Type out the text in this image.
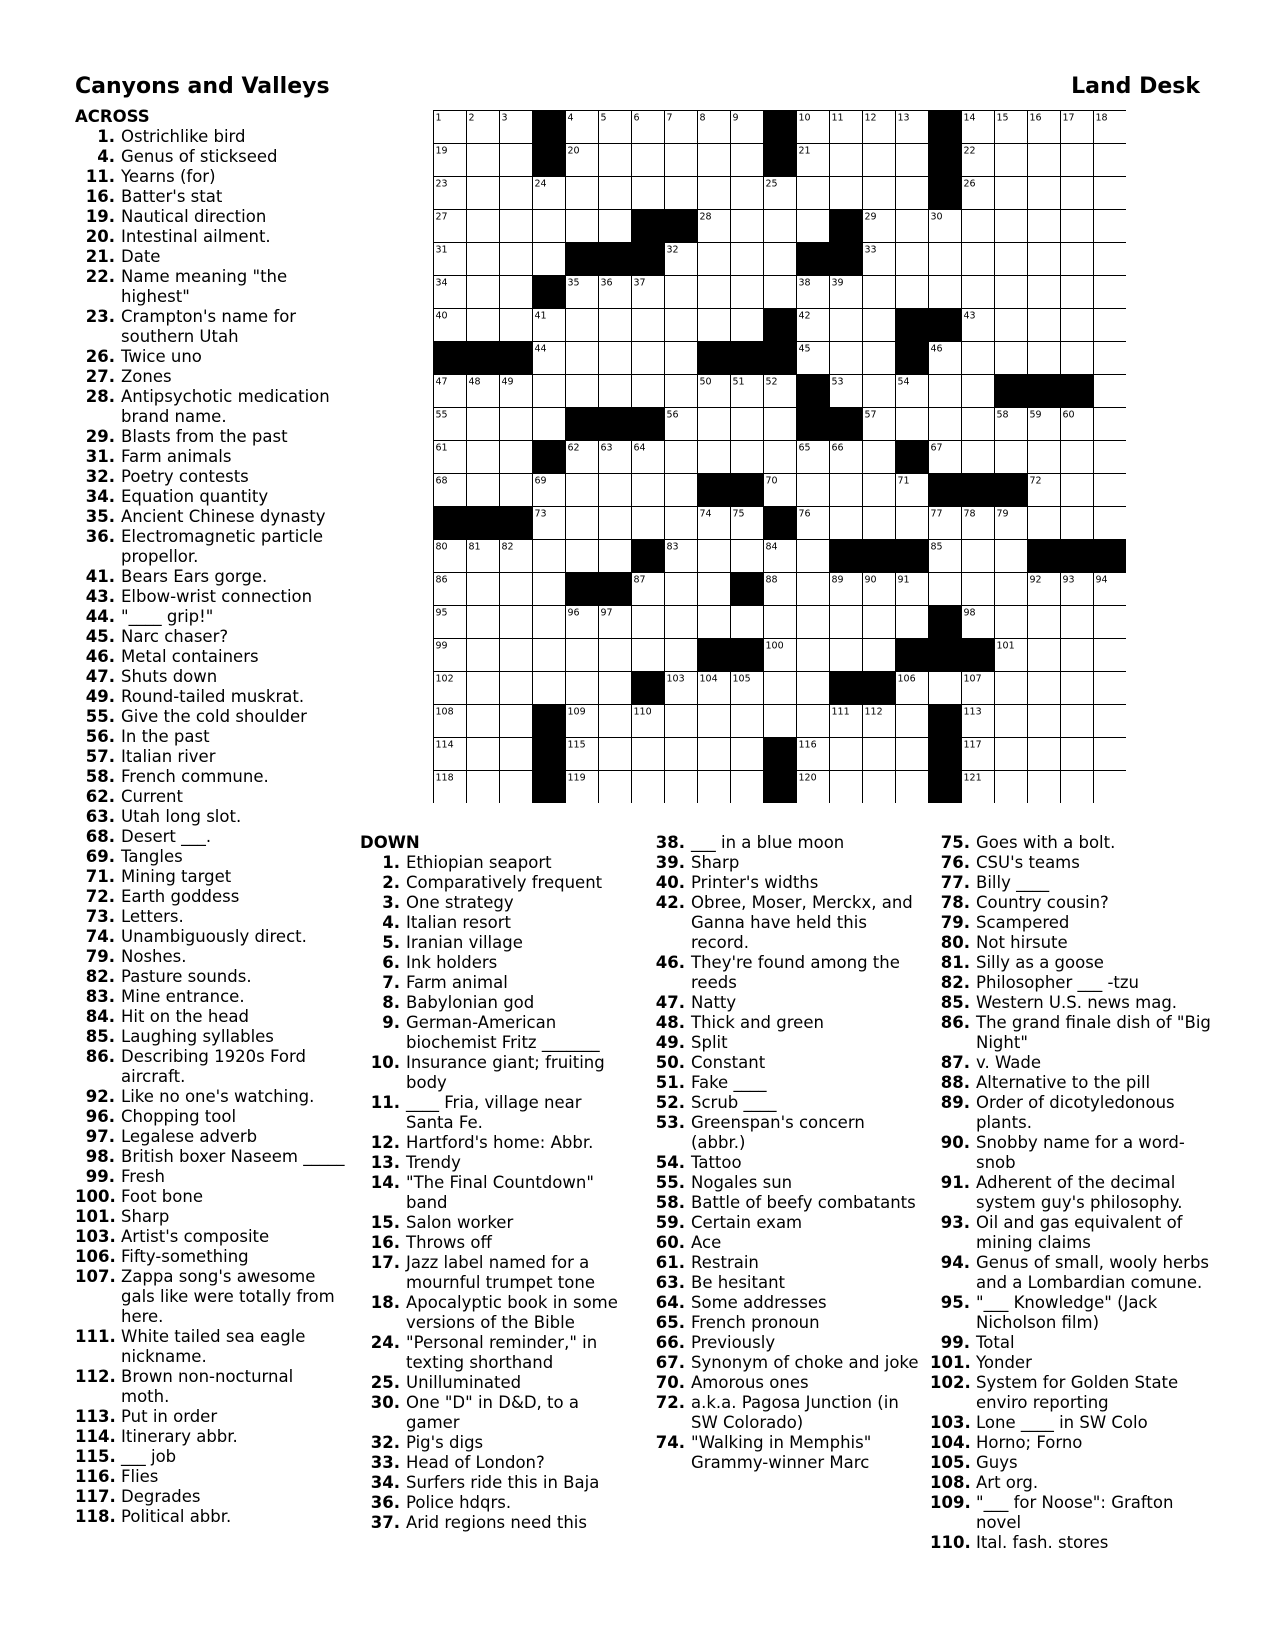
Canyons and Valleys	Land Desk
1	2	3	4	5	6	7	8	9	10 11 12 13	14 15 16 17 18
19	20	21	22
23	24	25	26
27	28	29	30
31	32	33
34	35 36 37	38 39
40	41	42	43
44	45	46
47 48 49	50 51 52	53	54
55	56	57	58 59 60
61	62 63 64	65 66	67
68	69	70	71	72
73	74 75	76	77 78 79
80 81 82	83	84	85
86	87	88	89 90 91	92 93 94
95	96 97	98
99	100	101
102	103 104 105	106	107
108	109	110	111 112	113
114	115	116	117
118	119	120	121
ACROSS
1. Ostrichlike bird
4. Genus of stickseed
11. Yearns (for)
16. Batter's stat
19. Nautical direction
20. Intestinal ailment.
21. Date
22. Name meaning "the highest"
23. Crampton's name for southern Utah
26. Twice uno
27. Zones
28. Antipsychotic medication brand name.
29. Blasts from the past
31. Farm animals
32. Poetry contests
34. Equation quantity
35. Ancient Chinese dynasty
36. Electromagnetic particle propellor.
41. Bears Ears gorge.
43. Elbow-wrist connection
44. "____ grip!"
45. Narc chaser?
46. Metal containers
47. Shuts down
49. Round-tailed muskrat.
55. Give the cold shoulder
56. In the past
57. Italian river
58. French commune.
62. Current
63. Utah long slot.
68. Desert ___.
69. Tangles
71. Mining target
72. Earth goddess
73. Letters.
74. Unambiguously direct.
79. Noshes.
82. Pasture sounds.
83. Mine entrance.
84. Hit on the head
85. Laughing syllables
86. Describing 1920s Ford aircraft.
92. Like no one's watching.
96. Chopping tool
97. Legalese adverb
98. British boxer Naseem _____
99. Fresh
100. Foot bone
101. Sharp
103. Artist's composite
106. Fifty-something
107. Zappa song's awesome gals like were totally from here.
111. White tailed sea eagle nickname.
112. Brown non-nocturnal moth.
113. Put in order
114. Itinerary abbr.
115. ___ job
116. Flies
117. Degrades
118. Political abbr.
DOWN
1. Ethiopian seaport
2. Comparatively frequent
3. One strategy
4. Italian resort
5. Iranian village
6. Ink holders
7. Farm animal
8. Babylonian god
9. German-American biochemist Fritz _______
10. Insurance giant; fruiting body
11. ____ Fria, village near Santa Fe.
12. Hartford's home: Abbr.
13. Trendy
14. "The Final Countdown" band
15. Salon worker
16. Throws off
17. Jazz label named for a mournful trumpet tone
18. Apocalyptic book in some versions of the Bible
24. "Personal reminder," in texting shorthand
25. Unilluminated
30. One "D" in D&D, to a gamer
32. Pig's digs
33. Head of London?
34. Surfers ride this in Baja
36. Police hdqrs.
37. Arid regions need this
38. ___ in a blue moon
39. Sharp
40. Printer's widths
42. Obree, Moser, Merckx, and Ganna have held this record.
46. They're found among the reeds
47. Natty
48. Thick and green
49. Split
50. Constant
51. Fake ____
52. Scrub ____
53. Greenspan's concern (abbr.)
54. Tattoo
55. Nogales sun
58. Battle of beefy combatants
59. Certain exam
60. Ace
61. Restrain
63. Be hesitant
64. Some addresses
65. French pronoun
66. Previously
67. Synonym of choke and joke
70. Amorous ones
72. a.k.a. Pagosa Junction (in SW Colorado)
74. "Walking in Memphis" Grammy-winner Marc
75. Goes with a bolt.
76. CSU's teams
77. Billy ____
78. Country cousin?
79. Scampered
80. Not hirsute
81. Silly as a goose
82. Philosopher ___ -tzu
85. Western U.S. news mag.
86. The grand finale dish of "Big Night"
87. v. Wade
88. Alternative to the pill
89. Order of dicotyledonous plants.
90. Snobby name for a word-snob
91. Adherent of the decimal system guy's philosophy.
93. Oil and gas equivalent of mining claims
94. Genus of small, wooly herbs and a Lombardian comune.
95. "___ Knowledge" (Jack Nicholson film)
99. Total
101. Yonder
102. System for Golden State enviro reporting
103. Lone ____ in SW Colo
104. Horno; Forno
105. Guys
108. Art org.
109. "___ for Noose": Grafton novel
110. Ital. fash. stores
